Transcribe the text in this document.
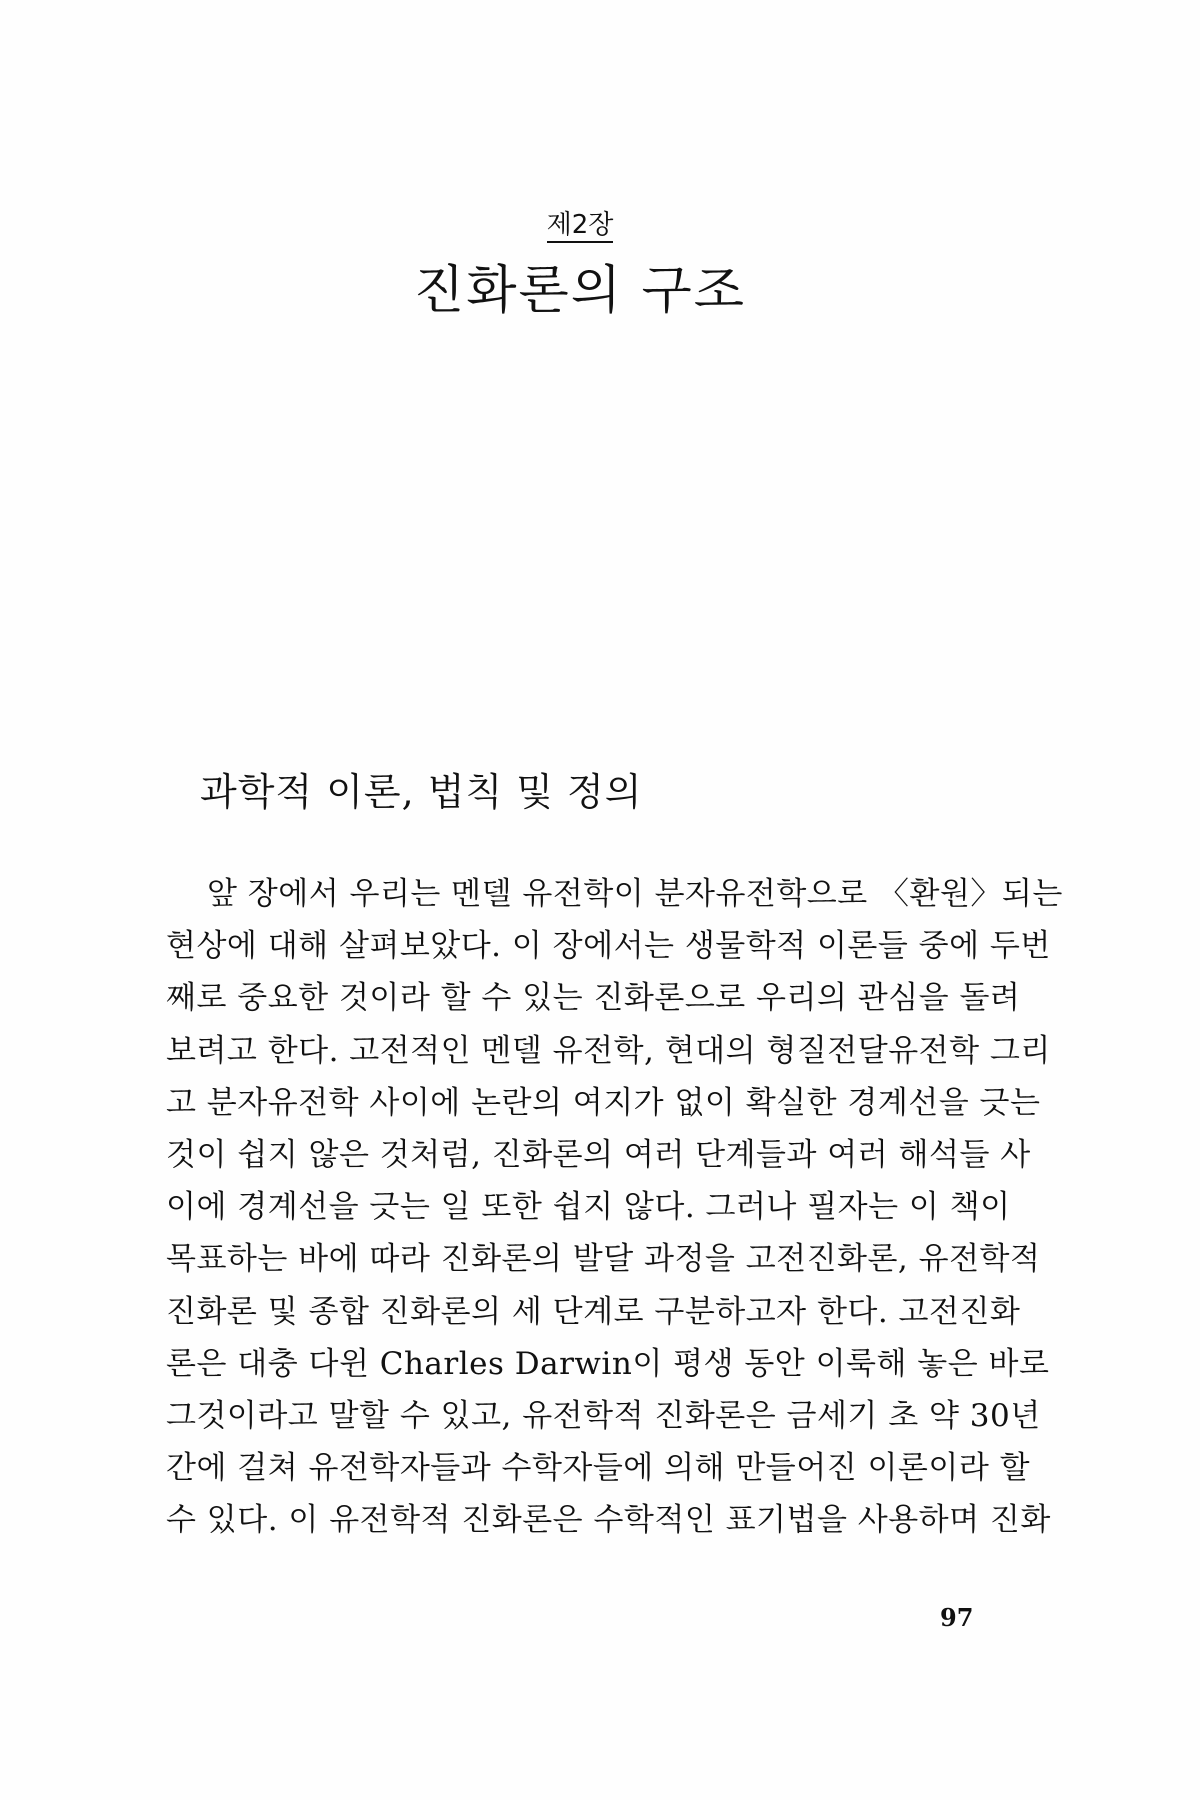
제2장
진화론의 구조
과학적 이론, 법칙 및 정의

앞 장에서 우리는 멘델 유전학이 분자유전학으로 〈환원〉되는
현상에 대해 살펴보았다. 이 장에서는 생물학적 이론들 중에 두번
째로 중요한 것이라 할 수 있는 진화론으로 우리의 관심을 돌려
보려고 한다. 고전적인 멘델 유전학, 현대의 형질전달유전학 그리
고 분자유전학 사이에 논란의 여지가 없이 확실한 경계선을 긋는
것이 쉽지 않은 것처럼, 진화론의 여러 단계들과 여러 해석들 사
이에 경계선을 긋는 일 또한 쉽지 않다. 그러나 필자는 이 책이
목표하는 바에 따라 진화론의 발달 과정을 고전진화론, 유전학적
진화론 및 종합 진화론의 세 단계로 구분하고자 한다. 고전진화
론은 대충 다윈 Charles Darwin이 평생 동안 이룩해 놓은 바로
그것이라고 말할 수 있고, 유전학적 진화론은 금세기 초 약 30년
간에 걸쳐 유전학자들과 수학자들에 의해 만들어진 이론이라 할
수 있다. 이 유전학적 진화론은 수학적인 표기법을 사용하며 진화

97
